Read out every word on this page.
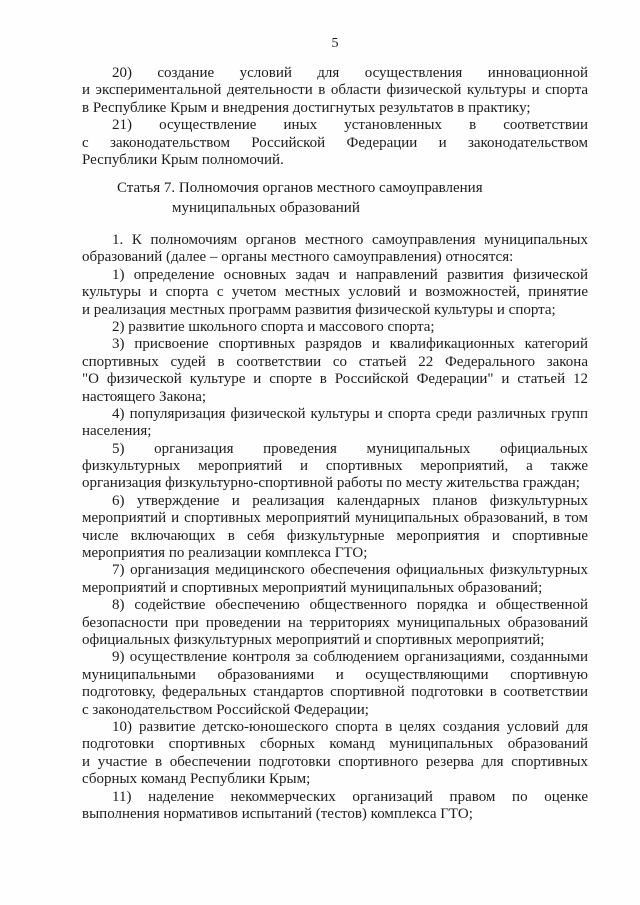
5
20) создание условий для осуществления инновационной
и экспериментальной деятельности в области физической культуры и спорта
в Республике Крым и внедрения достигнутых результатов в практику;
21) осуществление иных установленных в соответствии
с законодательством Российской Федерации и законодательством
Республики Крым полномочий.
Статья 7. Полномочия органов местного самоуправления
муниципальных образований
1. К полномочиям органов местного самоуправления муниципальных
образований (далее – органы местного самоуправления) относятся:
1) определение основных задач и направлений развития физической
культуры и спорта с учетом местных условий и возможностей, принятие
и реализация местных программ развития физической культуры и спорта;
2) развитие школьного спорта и массового спорта;
3) присвоение спортивных разрядов и квалификационных категорий
спортивных судей в соответствии со статьей 22 Федерального закона
"О физической культуре и спорте в Российской Федерации" и статьей 12
настоящего Закона;
4) популяризация физической культуры и спорта среди различных групп
населения;
5) организация проведения муниципальных официальных
физкультурных мероприятий и спортивных мероприятий, а также
организация физкультурно-спортивной работы по месту жительства граждан;
6) утверждение и реализация календарных планов физкультурных
мероприятий и спортивных мероприятий муниципальных образований, в том
числе включающих в себя физкультурные мероприятия и спортивные
мероприятия по реализации комплекса ГТО;
7) организация медицинского обеспечения официальных физкультурных
мероприятий и спортивных мероприятий муниципальных образований;
8) содействие обеспечению общественного порядка и общественной
безопасности при проведении на территориях муниципальных образований
официальных физкультурных мероприятий и спортивных мероприятий;
9) осуществление контроля за соблюдением организациями, созданными
муниципальными образованиями и осуществляющими спортивную
подготовку, федеральных стандартов спортивной подготовки в соответствии
с законодательством Российской Федерации;
10) развитие детско-юношеского спорта в целях создания условий для
подготовки спортивных сборных команд муниципальных образований
и участие в обеспечении подготовки спортивного резерва для спортивных
сборных команд Республики Крым;
11) наделение некоммерческих организаций правом по оценке
выполнения нормативов испытаний (тестов) комплекса ГТО;
